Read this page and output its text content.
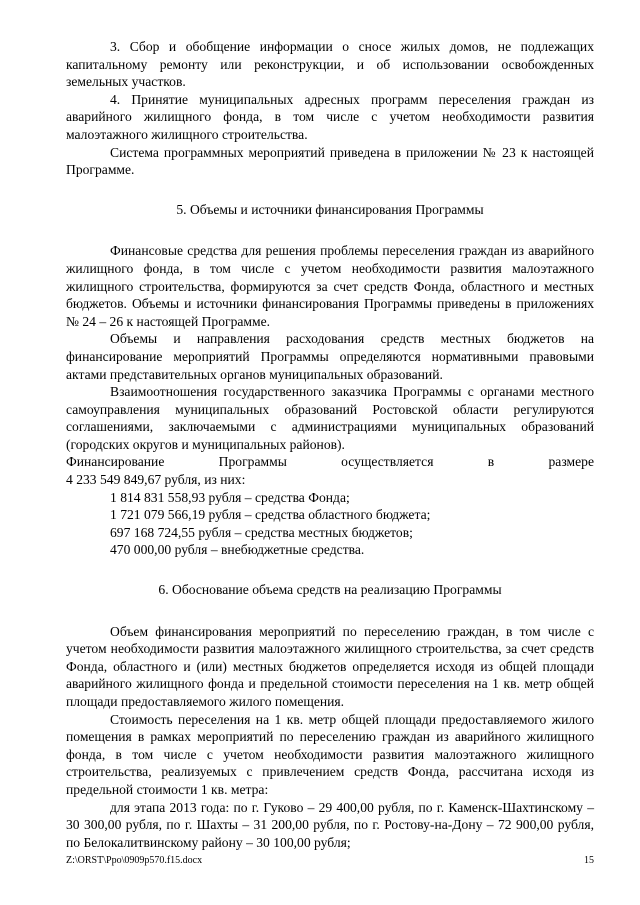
3. Сбор и обобщение информации о сносе жилых домов, не подлежащих капитальному ремонту или реконструкции, и об использовании освобожденных земельных участков.

4. Принятие муниципальных адресных программ переселения граждан из аварийного жилищного фонда, в том числе с учетом необходимости развития малоэтажного жилищного строительства.

Система программных мероприятий приведена в приложении № 23 к настоящей Программе.

5. Объемы и источники финансирования Программы

Финансовые средства для решения проблемы переселения граждан из аварийного жилищного фонда, в том числе с учетом необходимости развития малоэтажного жилищного строительства, формируются за счет средств Фонда, областного и местных бюджетов. Объемы и источники финансирования Программы приведены в приложениях № 24 – 26 к настоящей Программе.

Объемы и направления расходования средств местных бюджетов на финансирование мероприятий Программы определяются нормативными правовыми актами представительных органов муниципальных образований.

Взаимоотношения государственного заказчика Программы с органами местного самоуправления муниципальных образований Ростовской области регулируются соглашениями, заключаемыми с администрациями муниципальных образований (городских округов и муниципальных районов).

Финансирование Программы осуществляется в размере

4 233 549 849,67 рубля, из них:

1 814 831 558,93 рубля – средства Фонда;

1 721 079 566,19 рубля – средства областного бюджета;

697 168 724,55 рубля – средства местных бюджетов;

470 000,00 рубля – внебюджетные средства.

6. Обоснование объема средств на реализацию Программы

Объем финансирования мероприятий по переселению граждан, в том числе с учетом необходимости развития малоэтажного жилищного строительства, за счет средств Фонда, областного и (или) местных бюджетов определяется исходя из общей площади аварийного жилищного фонда и предельной стоимости переселения на 1 кв. метр общей площади предоставляемого жилого помещения.

Стоимость переселения на 1 кв. метр общей площади предоставляемого жилого помещения в рамках мероприятий по переселению граждан из аварийного жилищного фонда, в том числе с учетом необходимости развития малоэтажного жилищного строительства, реализуемых с привлечением средств Фонда, рассчитана исходя из предельной стоимости 1 кв. метра:

для этапа 2013 года: по г. Гуково – 29 400,00 рубля, по г. Каменск-Шахтинскому – 30 300,00 рубля, по г. Шахты – 31 200,00 рубля, по г. Ростову-на-Дону – 72 900,00 рубля, по Белокалитвинскому району – 30 100,00 рубля;

Z:\ORST\Ppo\0909p570.f15.docx	15
